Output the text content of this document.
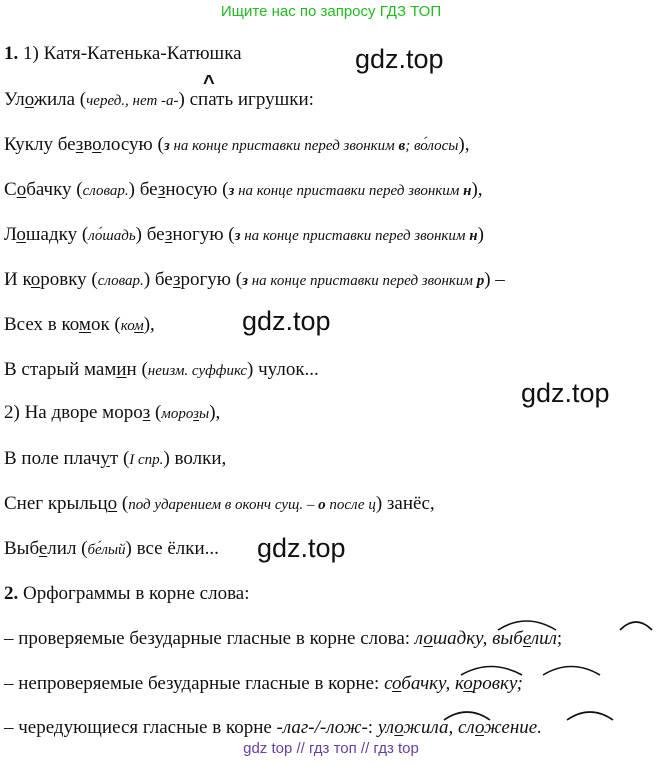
Ищите нас по запросу ГДЗ ТОП
gdz.top
gdz.top
gdz.top
gdz.top
^
1. 1) Катя-Катенька-Катюшка
Уложила (черед., нет -а-) спать игрушки:
Куклу безволосую (з на конце приставки перед звонким в; во́лосы),
Собачку (словар.) безносую (з на конце приставки перед звонким н),
Лошадку (ло́шадь) безногую (з на конце приставки перед звонким н)
И коровку (словар.) безрогую (з на конце приставки перед звонким р) –
Всех в комок (ком),
В старый мамин (неизм. суффикс) чулок...
2) На дворе мороз (морозы),
В поле плачут (I спр.) волки,
Снег крыльцо (под ударением в оконч сущ. – о после ц) занёс,
Выбелил (бе́лый) все ёлки...
2. Орфограммы в корне слова:
– проверяемые безударные гласные в корне слова: лошадку, выбелил;
– непроверяемые безударные гласные в корне: собачку, коровку;
– чередующиеся гласные в корне -лаг-/-лож-: уложила, сложение.
gdz top // гдз топ // гдз top
